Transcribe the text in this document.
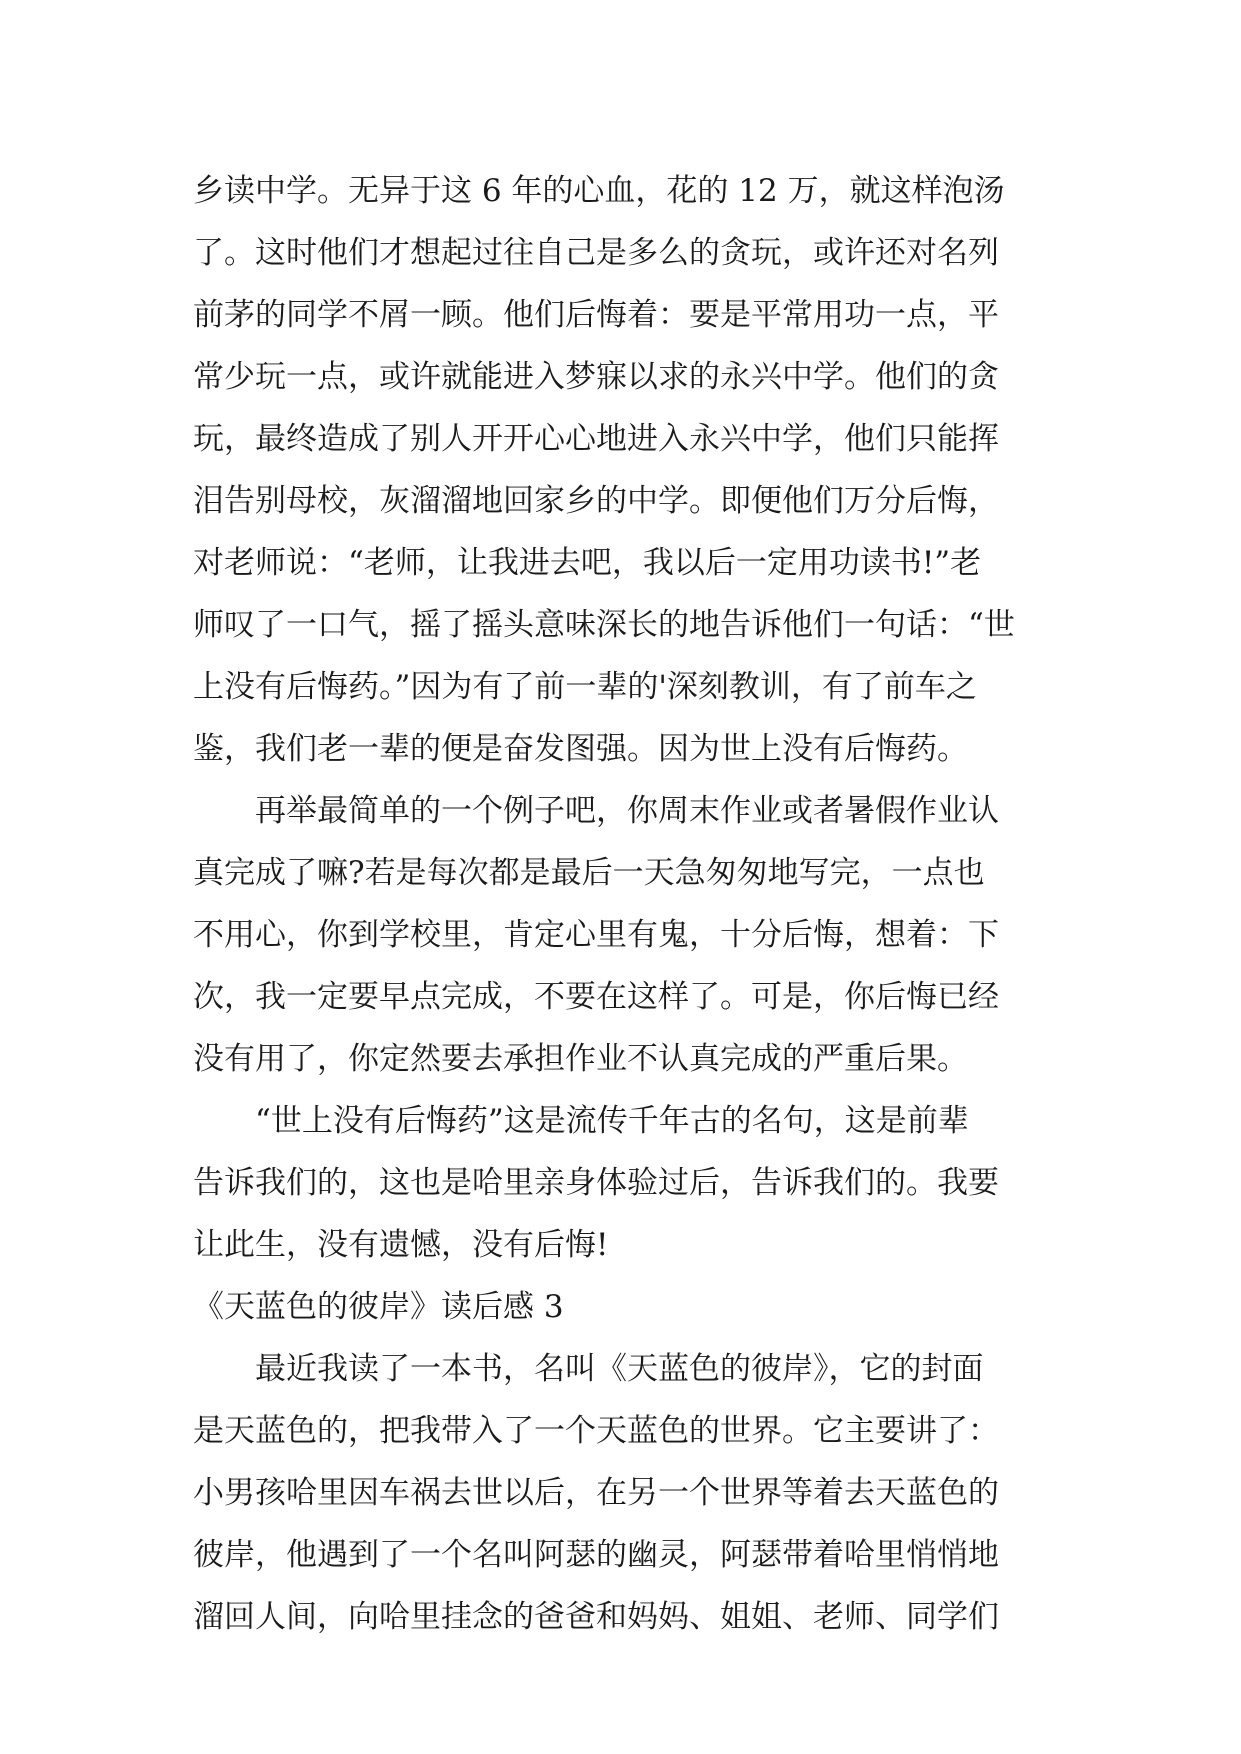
乡读中学。无异于这 6 年的心血，花的 12 万，就这样泡汤
了。这时他们才想起过往自己是多么的贪玩，或许还对名列
前茅的同学不屑一顾。他们后悔着：要是平常用功一点，平
常少玩一点，或许就能进入梦寐以求的永兴中学。他们的贪
玩，最终造成了别人开开心心地进入永兴中学，他们只能挥
泪告别母校，灰溜溜地回家乡的中学。即便他们万分后悔，
对老师说：“老师，让我进去吧，我以后一定用功读书!”老
师叹了一口气，摇了摇头意味深长的地告诉他们一句话：“世
上没有后悔药。”因为有了前一辈的'深刻教训，有了前车之
鉴，我们老一辈的便是奋发图强。因为世上没有后悔药。
再举最简单的一个例子吧，你周末作业或者暑假作业认
真完成了嘛?若是每次都是最后一天急匆匆地写完，一点也
不用心，你到学校里，肯定心里有鬼，十分后悔，想着：下
次，我一定要早点完成，不要在这样了。可是，你后悔已经
没有用了，你定然要去承担作业不认真完成的严重后果。
“世上没有后悔药”这是流传千年古的名句，这是前辈
告诉我们的，这也是哈里亲身体验过后，告诉我们的。我要
让此生，没有遗憾，没有后悔!
《天蓝色的彼岸》读后感 3
最近我读了一本书，名叫《天蓝色的彼岸》，它的封面
是天蓝色的，把我带入了一个天蓝色的世界。它主要讲了：
小男孩哈里因车祸去世以后，在另一个世界等着去天蓝色的
彼岸，他遇到了一个名叫阿瑟的幽灵，阿瑟带着哈里悄悄地
溜回人间，向哈里挂念的爸爸和妈妈、姐姐、老师、同学们
